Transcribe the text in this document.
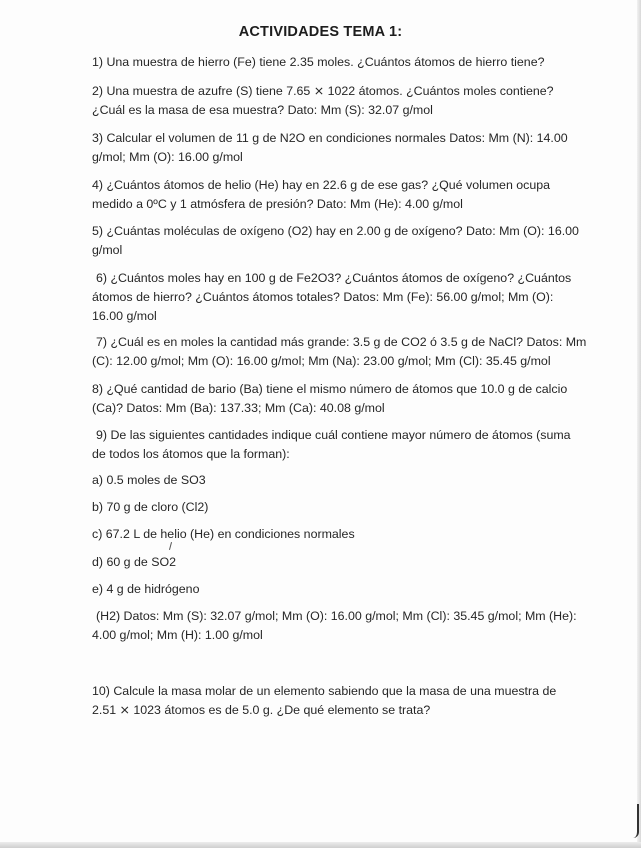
ACTIVIDADES TEMA 1:
1) Una muestra de hierro (Fe) tiene 2.35 moles. ¿Cuántos átomos de hierro tiene?
2) Una muestra de azufre (S) tiene 7.65 ⨯ 1022 átomos. ¿Cuántos moles contiene?
¿Cuál es la masa de esa muestra? Dato: Mm (S): 32.07 g/mol
3) Calcular el volumen de 11 g de N2O en condiciones normales Datos: Mm (N): 14.00
g/mol; Mm (O): 16.00 g/mol
4) ¿Cuántos átomos de helio (He) hay en 22.6 g de ese gas? ¿Qué volumen ocupa
medido a 0ºC y 1 atmósfera de presión? Dato: Mm (He): 4.00 g/mol
5) ¿Cuántas moléculas de oxígeno (O2) hay en 2.00 g de oxígeno? Dato: Mm (O): 16.00
g/mol
6) ¿Cuántos moles hay en 100 g de Fe2O3? ¿Cuántos átomos de oxígeno? ¿Cuántos
átomos de hierro? ¿Cuántos átomos totales? Datos: Mm (Fe): 56.00 g/mol; Mm (O):
16.00 g/mol
7) ¿Cuál es en moles la cantidad más grande: 3.5 g de CO2 ó 3.5 g de NaCl? Datos: Mm
(C): 12.00 g/mol; Mm (O): 16.00 g/mol; Mm (Na): 23.00 g/mol; Mm (Cl): 35.45 g/mol
8) ¿Qué cantidad de bario (Ba) tiene el mismo número de átomos que 10.0 g de calcio
(Ca)? Datos: Mm (Ba): 137.33; Mm (Ca): 40.08 g/mol
9) De las siguientes cantidades indique cuál contiene mayor número de átomos (suma
de todos los átomos que la forman):
a) 0.5 moles de SO3
b) 70 g de cloro (Cl2)
c) 67.2 L de helio (He) en condiciones normales
d) 60 g de SO2
e) 4 g de hidrógeno
(H2) Datos: Mm (S): 32.07 g/mol; Mm (O): 16.00 g/mol; Mm (Cl): 35.45 g/mol; Mm (He):
4.00 g/mol; Mm (H): 1.00 g/mol
10) Calcule la masa molar de un elemento sabiendo que la masa de una muestra de
2.51 ⨯ 1023 átomos es de 5.0 g. ¿De qué elemento se trata?
